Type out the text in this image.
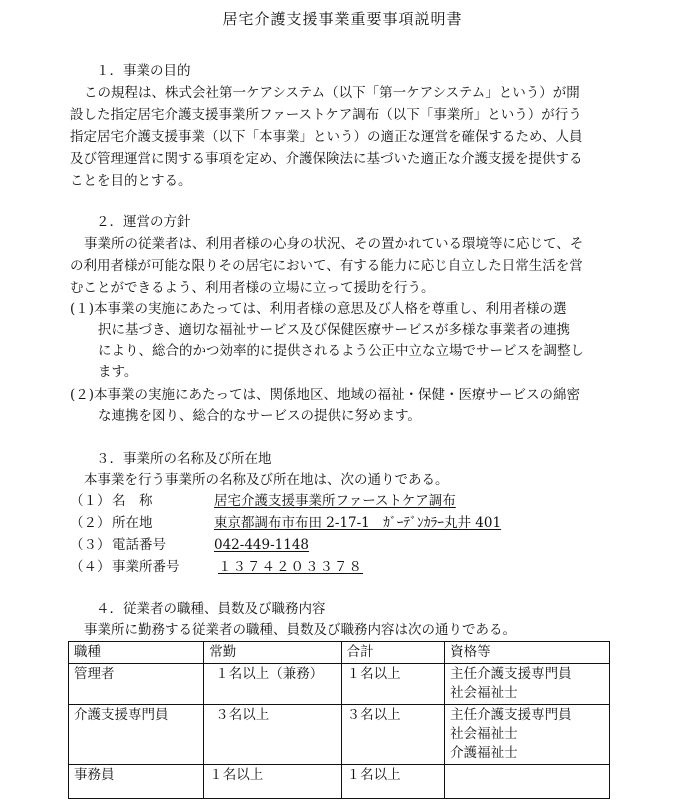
居宅介護支援事業重要事項説明書
１．事業の目的
この規程は、株式会社第一ケアシステム（以下「第一ケアシステム」という）が開
設した指定居宅介護支援事業所ファーストケア調布（以下「事業所」という）が行う
指定居宅介護支援事業（以下「本事業」という）の適正な運営を確保するため、人員
及び管理運営に関する事項を定め、介護保険法に基づいた適正な介護支援を提供する
ことを目的とする。
２．運営の方針
事業所の従業者は、利用者様の心身の状況、その置かれている環境等に応じて、そ
の利用者様が可能な限りその居宅において、有する能力に応じ自立した日常生活を営
むことができるよう、利用者様の立場に立って援助を行う。
(１)本事業の実施にあたっては、利用者様の意思及び人格を尊重し、利用者様の選
択に基づき、適切な福祉サービス及び保健医療サービスが多様な事業者の連携
により、総合的かつ効率的に提供されるよう公正中立な立場でサービスを調整し
ます。
(２)本事業の実施にあたっては、関係地区、地域の福祉・保健・医療サービスの綿密
な連携を図り、総合的なサービスの提供に努めます。
３．事業所の名称及び所在地
本事業を行う事業所の名称及び所在地は、次の通りである。
（１） 名　称	居宅介護支援事業所ファーストケア調布
（２） 所在地	東京都調布市布田 2-17-1　ｶﾞｰﾃﾞﾝｶﾗｰ丸井 401
（３） 電話番号	042-449-1148
（４） 事業所番号	１３７４２０３３７８
４．従業者の職種、員数及び職務内容
事業所に勤務する従業者の職種、員数及び職務内容は次の通りである。
職種	常勤	合計	資格等
管理者	１名以上（兼務）	１名以上	主任介護支援専門員
社会福祉士

介護支援専門員	３名以上	３名以上	主任介護支援専門員
社会福祉士
介護福祉士

事務員	１名以上	１名以上	
